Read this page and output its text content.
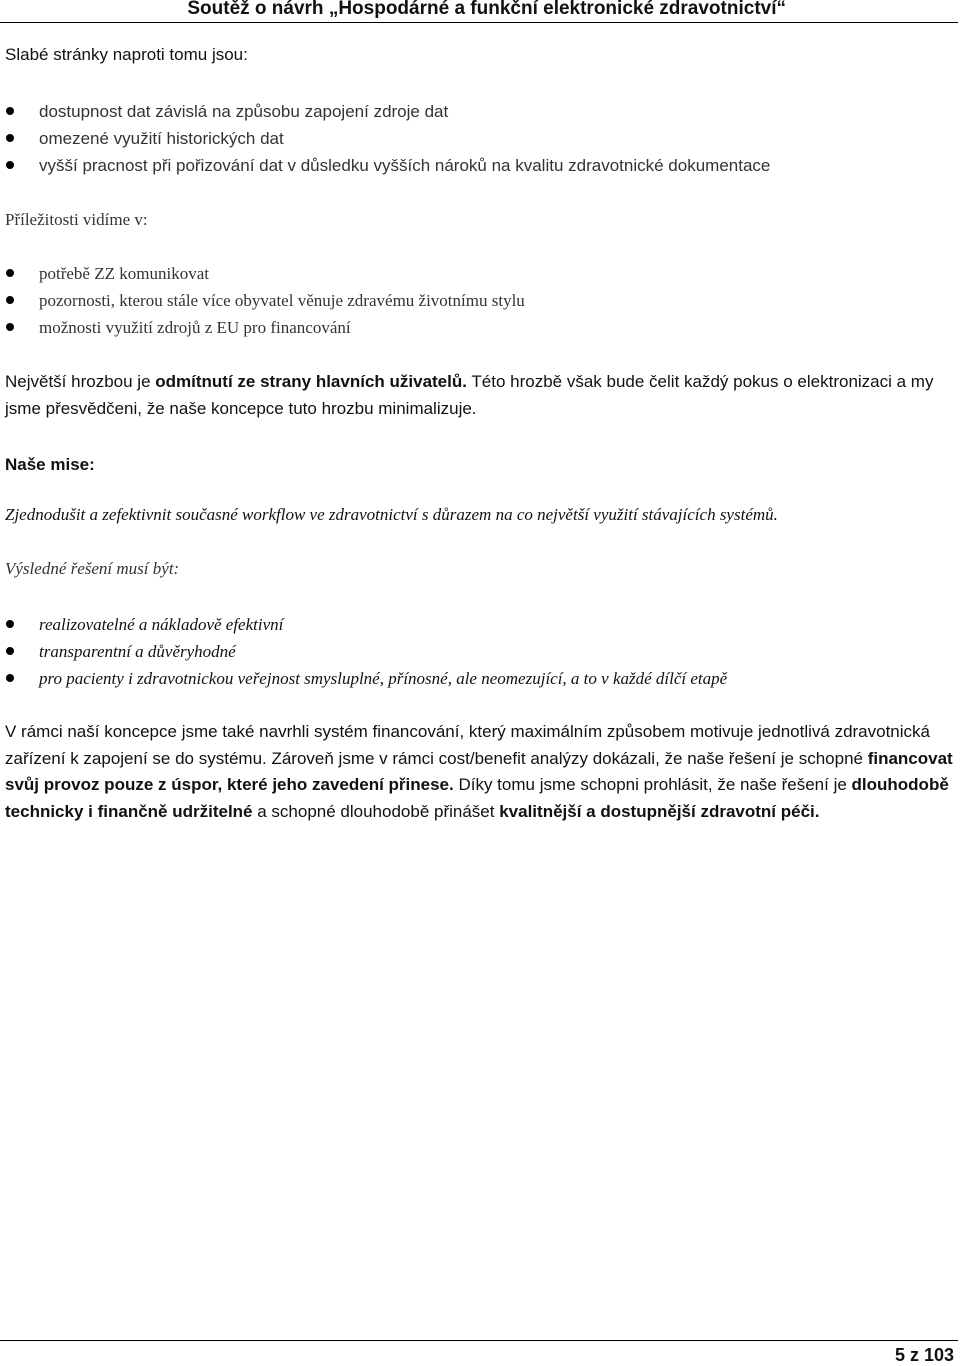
Soutěž o návrh „Hospodárné a funkční elektronické zdravotnictví“
Slabé stránky naproti tomu jsou:
dostupnost dat závislá na způsobu zapojení zdroje dat
omezené využití historických dat
vyšší pracnost při pořizování dat v důsledku vyšších nároků na kvalitu zdravotnické dokumentace
Příležitosti vidíme v:
potřebě ZZ komunikovat
pozornosti, kterou stále více obyvatel věnuje zdravému životnímu stylu
možnosti využití zdrojů z EU pro financování
Největší hrozbou je odmítnutí ze strany hlavních uživatelů. Této hrozbě však bude čelit každý pokus o elektronizaci a my jsme přesvědčeni, že naše koncepce tuto hrozbu minimalizuje.
Naše mise:
Zjednodušit a zefektivnit současné workflow ve zdravotnictví s důrazem na co největší využití stávajících systémů.
Výsledné řešení musí být:
realizovatelné a nákladově efektivní
transparentní a důvěryhodné
pro pacienty i zdravotnickou veřejnost smysluplné, přínosné, ale neomezující, a to v každé dílčí etapě
V rámci naší koncepce jsme také navrhli systém financování, který maximálním způsobem motivuje jednotlivá zdravotnická zařízení k zapojení se do systému. Zároveň jsme v rámci cost/benefit analýzy dokázali, že naše řešení je schopné financovat svůj provoz pouze z úspor, které jeho zavedení přinese. Díky tomu jsme schopni prohlásit, že naše řešení je dlouhodobě technicky i finančně udržitelné a schopné dlouhodobě přinášet kvalitnější a dostupnější zdravotní péči.
5 z 103
